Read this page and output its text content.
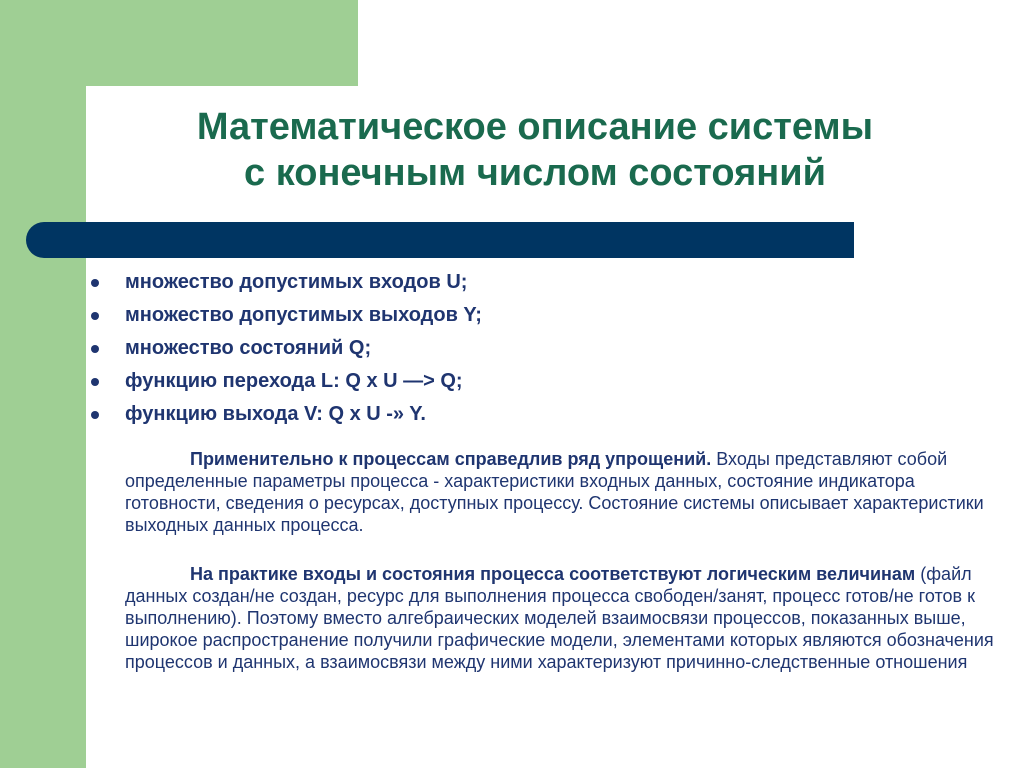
Математическое описание системы
с конечным числом состояний
множество допустимых входов U;
множество допустимых выходов Y;
множество состояний Q;
функцию перехода L: Q x U —> Q;
функцию выхода V: Q x U -» Y.
Применительно к процессам справедлив ряд упрощений. Входы представляют собой определенные параметры процесса - характеристики входных данных, состояние индикатора готовности, сведения о ресурсах, доступных процессу. Состояние системы описывает характеристики выходных данных процесса.
На практике входы и состояния процесса соответствуют логическим величинам (файл данных создан/не создан, ресурс для выполнения процесса свободен/занят, процесс готов/не готов к выполнению). Поэтому вместо алгебраических моделей взаимосвязи процессов, показанных выше, широкое распространение получили графические модели, элементами которых являются обозначения процессов и данных, а взаимосвязи между ними характеризуют причинно-следственные отношения
